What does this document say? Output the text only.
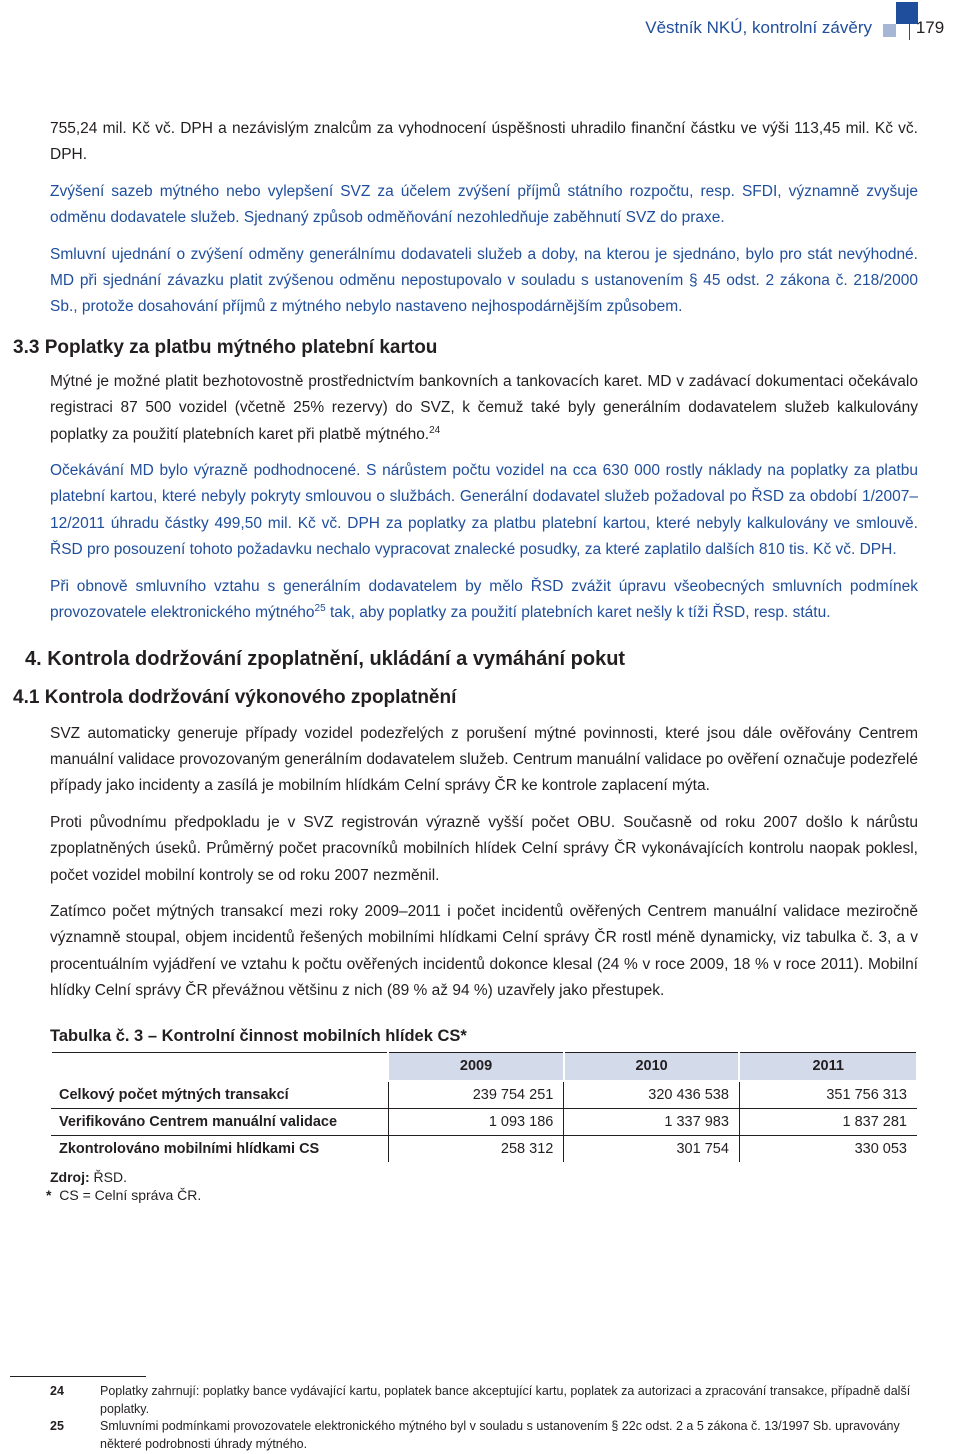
Věstník NKÚ, kontrolní závěry	179

755,24 mil. Kč vč. DPH a nezávislým znalcům za vyhodnocení úspěšnosti uhradilo finanční částku ve výši 113,45 mil. Kč vč. DPH.

Zvýšení sazeb mýtného nebo vylepšení SVZ za účelem zvýšení příjmů státního rozpočtu, resp. SFDI, významně zvyšuje odměnu dodavatele služeb. Sjednaný způsob odměňování nezohledňuje zaběhnutí SVZ do praxe.

Smluvní ujednání o zvýšení odměny generálnímu dodavateli služeb a doby, na kterou je sjednáno, bylo pro stát nevýhodné. MD při sjednání závazku platit zvýšenou odměnu nepostupovalo v souladu s ustanovením § 45 odst. 2 zákona č. 218/2000 Sb., protože dosahování příjmů z mýtného nebylo nastaveno nejhospodárnějším způsobem.

3.3 Poplatky za platbu mýtného platební kartou

Mýtné je možné platit bezhotovostně prostřednictvím bankovních a tankovacích karet. MD v zadávací dokumentaci očekávalo registraci 87 500 vozidel (včetně 25% rezervy) do SVZ, k čemuž také byly generálním dodavatelem služeb kalkulovány poplatky za použití platebních karet při platbě mýtného.$^{24}$

Očekávání MD bylo výrazně podhodnocené. S nárůstem počtu vozidel na cca 630 000 rostly náklady na poplatky za platbu platební kartou, které nebyly pokryty smlouvou o službách. Generální dodavatel služeb požadoval po ŘSD za období 1/2007–12/2011 úhradu částky 499,50 mil. Kč vč. DPH za poplatky za platbu platební kartou, které nebyly kalkulovány ve smlouvě. ŘSD pro posouzení tohoto požadavku nechalo vypracovat znalecké posudky, za které zaplatilo dalších 810 tis. Kč vč. DPH.

Při obnově smluvního vztahu s generálním dodavatelem by mělo ŘSD zvážit úpravu všeobecných smluvních podmínek provozovatele elektronického mýtného$^{25}$ tak, aby poplatky za použití platebních karet nešly k tíži ŘSD, resp. státu.

4. Kontrola dodržování zpoplatnění, ukládání a vymáhání pokut
4.1 Kontrola dodržování výkonového zpoplatnění

SVZ automaticky generuje případy vozidel podezřelých z porušení mýtné povinnosti, které jsou dále ověřovány Centrem manuální validace provozovaným generálním dodavatelem služeb. Centrum manuální validace po ověření označuje podezřelé případy jako incidenty a zasílá je mobilním hlídkám Celní správy ČR ke kontrole zaplacení mýta.

Proti původnímu předpokladu je v SVZ registrován výrazně vyšší počet OBU. Současně od roku 2007 došlo k nárůstu zpoplatněných úseků. Průměrný počet pracovníků mobilních hlídek Celní správy ČR vykonávajících kontrolu naopak poklesl, počet vozidel mobilní kontroly se od roku 2007 nezměnil.

Zatímco počet mýtných transakcí mezi roky 2009–2011 i počet incidentů ověřených Centrem manuální validace meziročně významně stoupal, objem incidentů řešených mobilními hlídkami Celní správy ČR rostl méně dynamicky, viz tabulka č. 3, a v procentuálním vyjádření ve vztahu k počtu ověřených incidentů dokonce klesal (24 % v roce 2009, 18 % v roce 2011). Mobilní hlídky Celní správy ČR převážnou většinu z nich (89 % až 94 %) uzavřely jako přestupek.

Tabulka č. 3 – Kontrolní činnost mobilních hlídek CS*
	2009	2010	2011
Celkový počet mýtných transakcí	239 754 251	320 436 538	351 756 313
Verifikováno Centrem manuální validace	1 093 186	1 337 983	1 837 281
Zkontrolováno mobilními hlídkami CS	258 312	301 754	330 053
Zdroj: ŘSD.
* CS = Celní správa ČR.
24	Poplatky zahrnují: poplatky bance vydávající kartu, poplatek bance akceptující kartu, poplatek za autorizaci a zpracování transakce, případně další poplatky.
25	Smluvními podmínkami provozovatele elektronického mýtného byl v souladu s ustanovením § 22c odst. 2 a 5 zákona č. 13/1997 Sb. upravovány některé podrobnosti úhrady mýtného.
